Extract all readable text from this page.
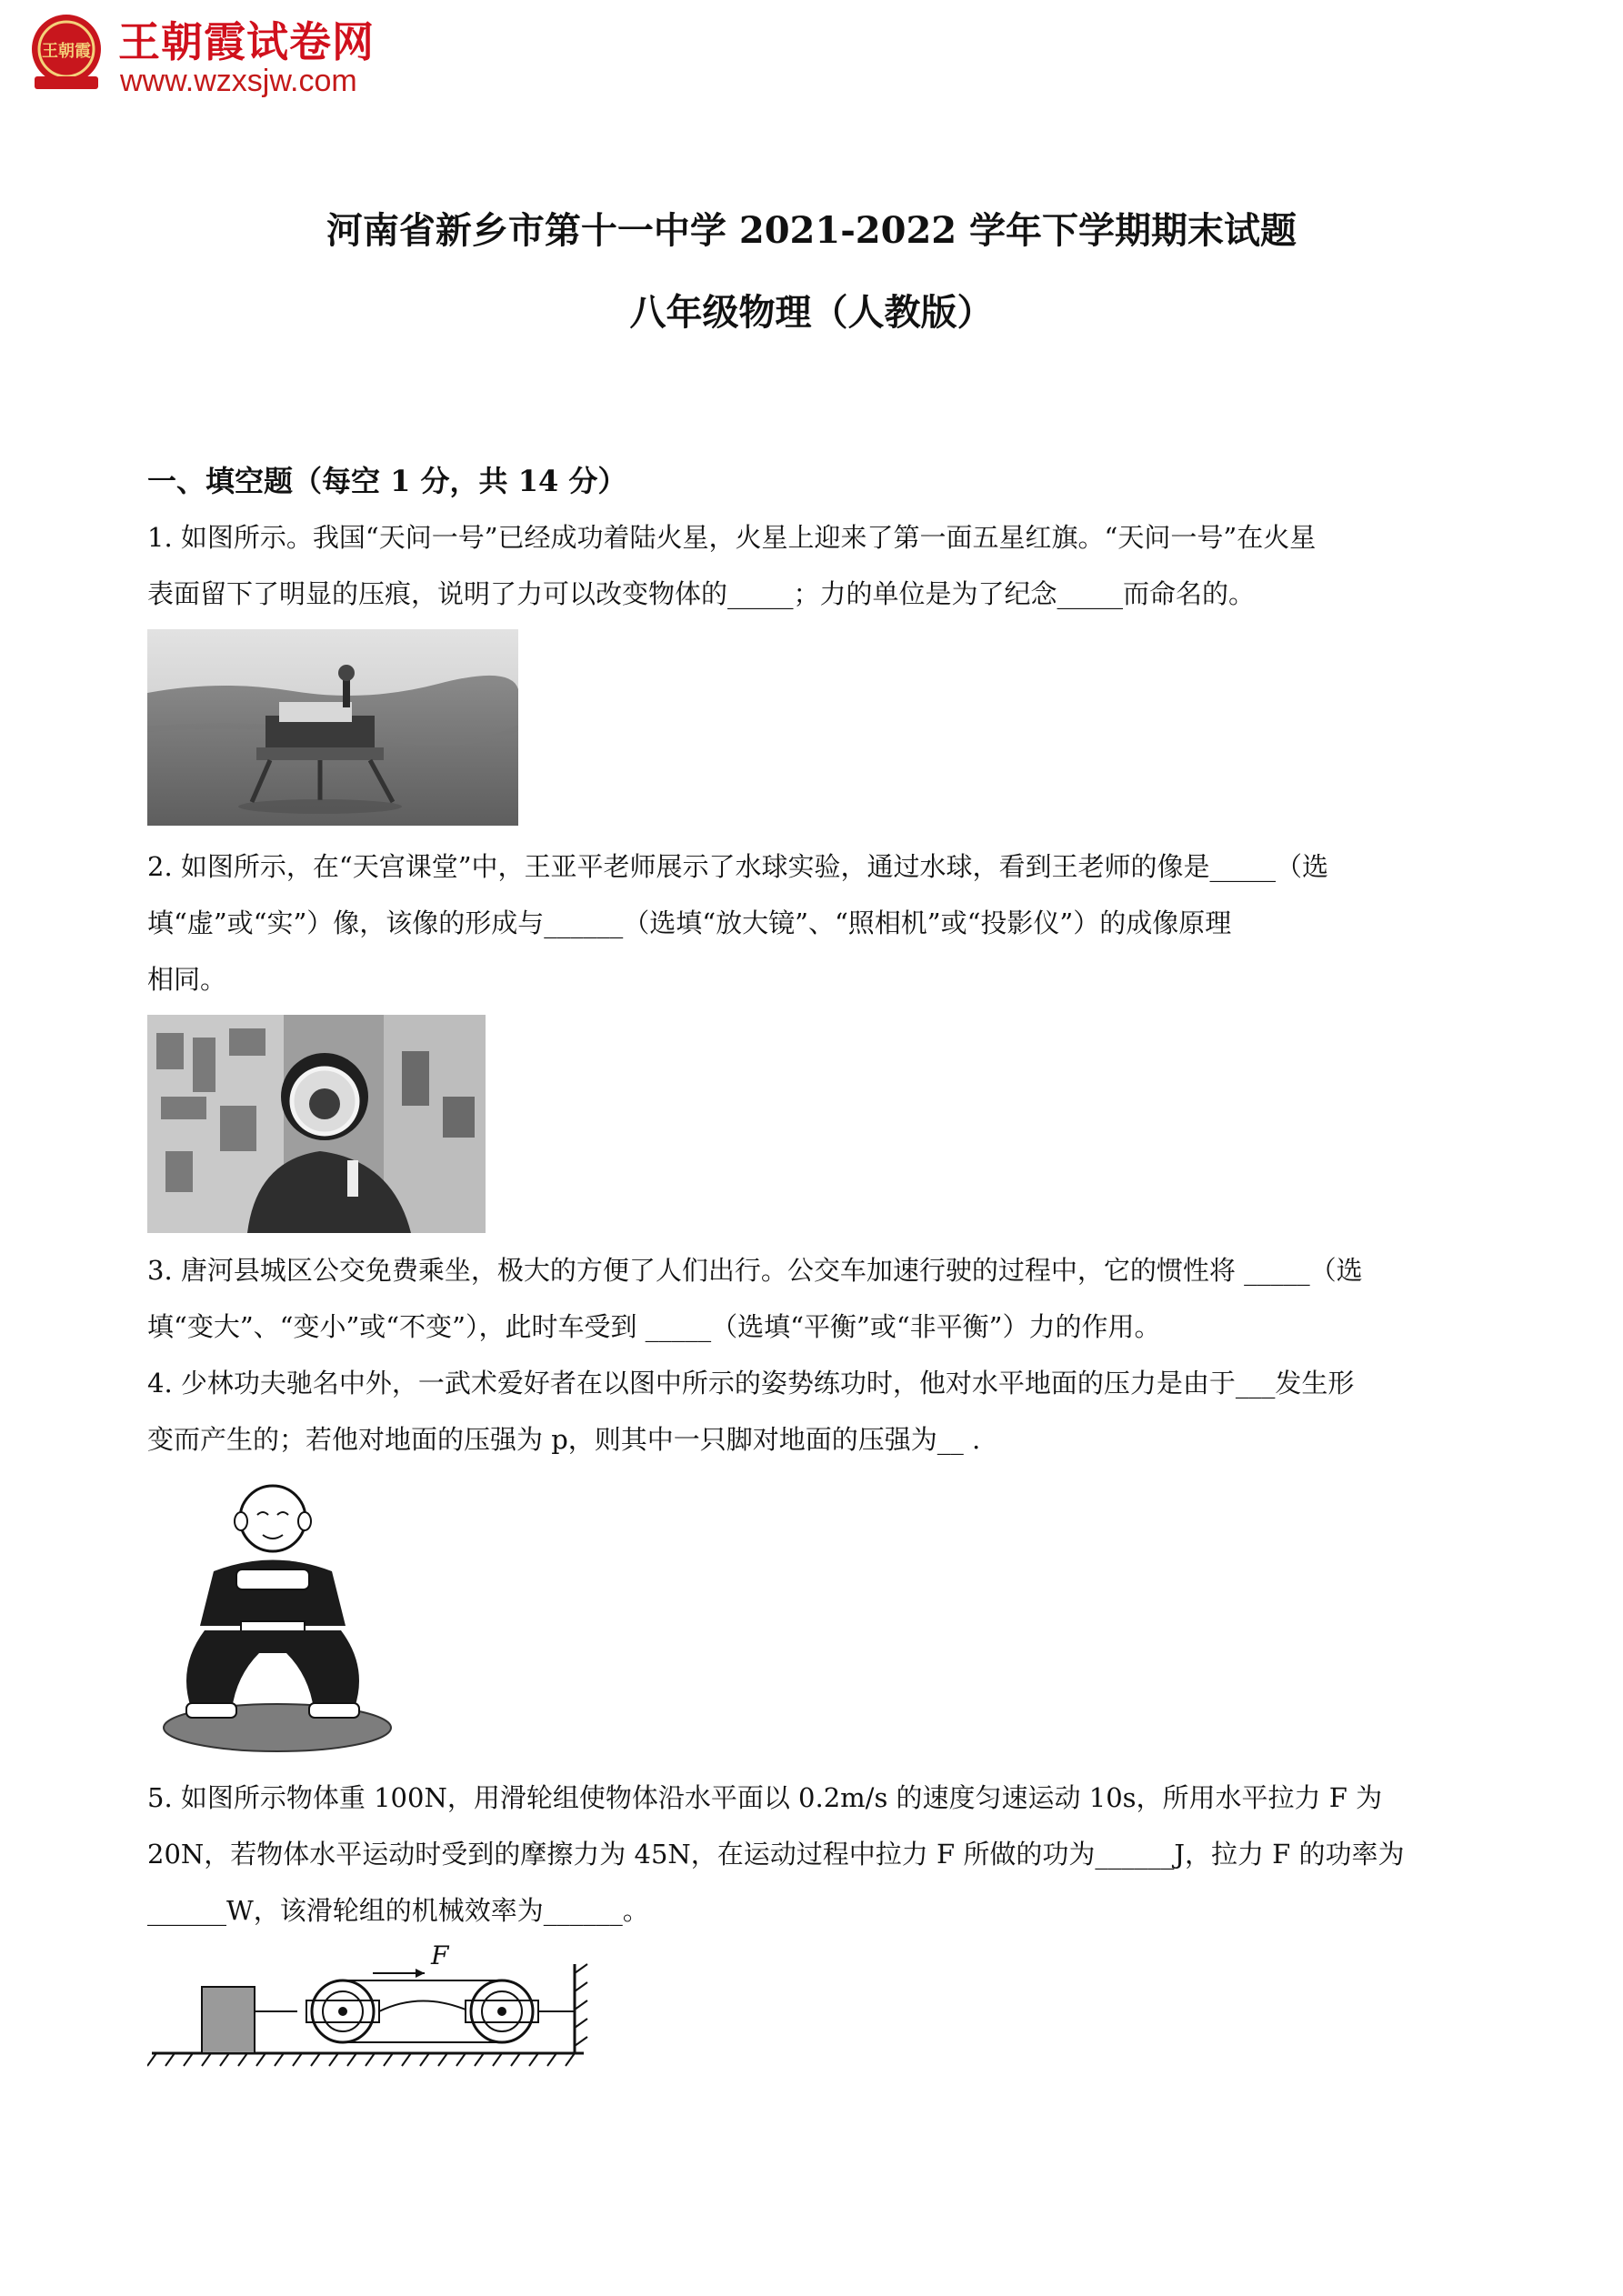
王朝霞 王朝霞试卷网
www.wzxsjw.com
河南省新乡市第十一中学 2021-2022 学年下学期期末试题
八年级物理（人教版）
一、填空题（每空 1 分，共 14 分）

1. 如图所示。我国“天问一号”已经成功着陆火星，火星上迎来了第一面五星红旗。“天问一号”在火星

表面留下了明显的压痕，说明了力可以改变物体的_____；力的单位是为了纪念_____而命名的。

2. 如图所示，在“天宫课堂”中，王亚平老师展示了水球实验，通过水球，看到王老师的像是_____（选

填“虚”或“实”）像，该像的形成与______（选填“放大镜”、“照相机”或“投影仪”）的成像原理

相同。

3. 唐河县城区公交免费乘坐，极大的方便了人们出行。公交车加速行驶的过程中，它的惯性将 _____（选

填“变大”、“变小”或“不变”），此时车受到 _____（选填“平衡”或“非平衡”）力的作用。

4. 少林功夫驰名中外，一武术爱好者在以图中所示的姿势练功时，他对水平地面的压力是由于___发生形

变而产生的；若他对地面的压强为 p，则其中一只脚对地面的压强为__ .

5. 如图所示物体重 100N，用滑轮组使物体沿水平面以 0.2m/s 的速度匀速运动 10s，所用水平拉力 F 为

20N，若物体水平运动时受到的摩擦力为 45N，在运动过程中拉力 F 所做的功为______J，拉力 F 的功率为

______W，该滑轮组的机械效率为______。

F
